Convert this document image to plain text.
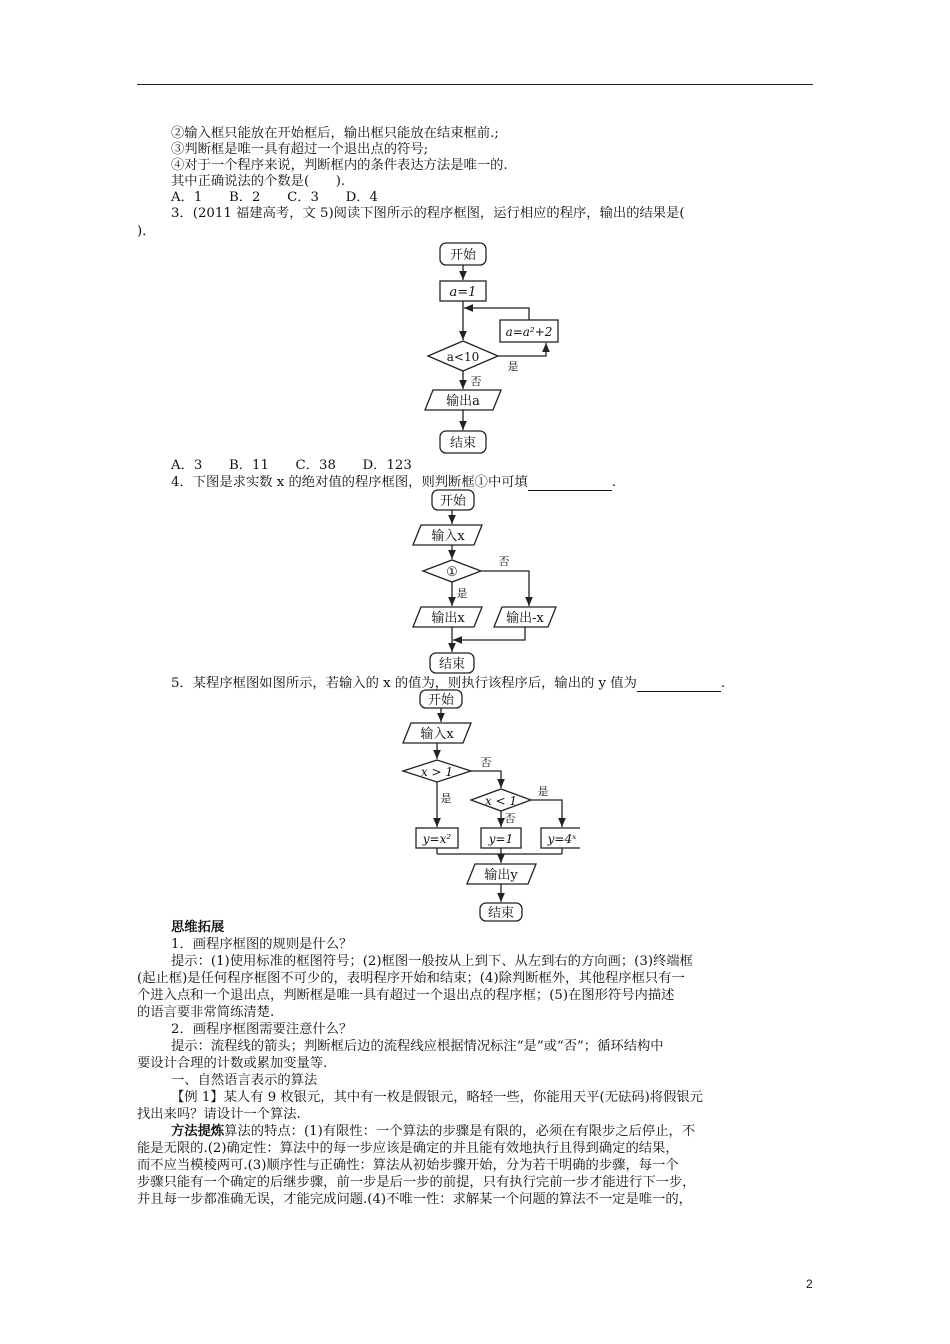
②输入框只能放在开始框后，输出框只能放在结束框前.;
③判断框是唯一具有超过一个退出点的符号;
④对于一个程序来说，判断框内的条件表达方法是唯一的.
其中正确说法的个数是(　　).
A．1　　B．2　　C．3　　D．4
3．(2011 福建高考，文 5)阅读下图所示的程序框图，运行相应的程序，输出的结果是(
)．
开始
a=1
a=a²+2
a<10
是
否
输出a
结束
A．3　　B．11　　C．38　　D．123
4．下图是求实数 x 的绝对值的程序框图，则判断框①中可填	.
开始
输入x
①
否
是
输出x	输出-x
结束
5．某程序框图如图所示，若输入的 x 的值为，则执行该程序后，输出的 y 值为	.
开始
输入x
x > 1
否
是	x < 1
是
否
y=x²	y=1	y=4ˣ
输出y
结束
思维拓展
1．画程序框图的规则是什么？
提示：(1)使用标准的框图符号；(2)框图一般按从上到下、从左到右的方向画；(3)终端框
(起止框)是任何程序框图不可少的，表明程序开始和结束；(4)除判断框外，其他程序框只有一
个进入点和一个退出点，判断框是唯一具有超过一个退出点的程序框；(5)在图形符号内描述
的语言要非常简练清楚.
2．画程序框图需要注意什么？
提示：流程线的箭头；判断框后边的流程线应根据情况标注“是”或“否”；循环结构中
要设计合理的计数或累加变量等.
一、自然语言表示的算法
【例 1】某人有 9 枚银元，其中有一枚是假银元，略轻一些，你能用天平(无砝码)将假银元
找出来吗？请设计一个算法.
方法提炼算法的特点：(1)有限性：一个算法的步骤是有限的，必须在有限步之后停止，不
能是无限的.(2)确定性：算法中的每一步应该是确定的并且能有效地执行且得到确定的结果，
而不应当模棱两可.(3)顺序性与正确性：算法从初始步骤开始，分为若干明确的步骤，每一个
步骤只能有一个确定的后继步骤，前一步是后一步的前提，只有执行完前一步才能进行下一步，
并且每一步都准确无误，才能完成问题.(4)不唯一性：求解某一个问题的算法不一定是唯一的，
2
